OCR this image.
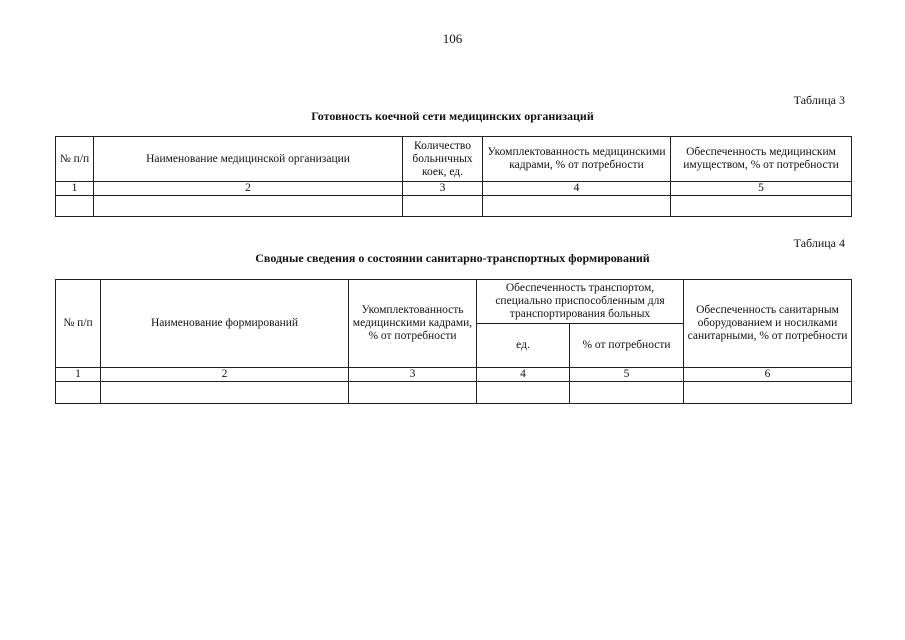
106
Таблица 3
Готовность коечной сети медицинских организаций
№ п/п	Наименование медицинской организации	Количество больничных коек, ед.	Укомплектованность медицинскими кадрами, % от потребности	Обеспеченность медицинским имуществом, % от потребности
1	2	3	4	5

Таблица 4
Сводные сведения о состоянии санитарно-транспортных формирований
№ п/п	Наименование формирований	Укомплектованность медицинскими кадрами, % от потребности	Обеспеченность транспортом, специально приспособленным для транспортирования больных		Обеспеченность санитарным оборудованием и носилками санитарными, % от потребности
			ед.	% от потребности	
1	2	3	4	5	6
